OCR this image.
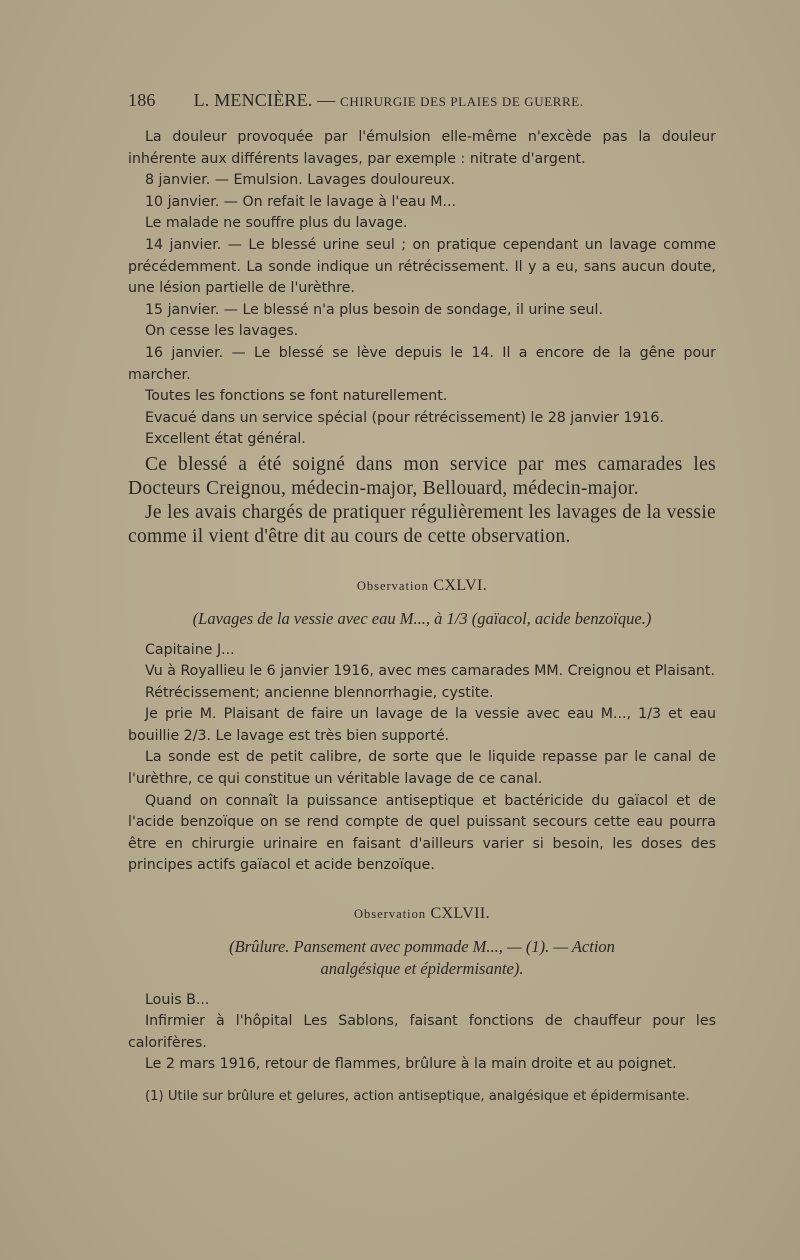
186 L. MENCIÈRE. — CHIRURGIE DES PLAIES DE GUERRE.

La douleur provoquée par l'émulsion elle-même n'excède pas la douleur inhérente aux différents lavages, par exemple : nitrate d'argent.

8 janvier. — Emulsion. Lavages douloureux.

10 janvier. — On refait le lavage à l'eau M...

Le malade ne souffre plus du lavage.

14 janvier. — Le blessé urine seul ; on pratique cependant un lavage comme précédemment. La sonde indique un rétrécissement. Il y a eu, sans aucun doute, une lésion partielle de l'urèthre.

15 janvier. — Le blessé n'a plus besoin de sondage, il urine seul.

On cesse les lavages.

16 janvier. — Le blessé se lève depuis le 14. Il a encore de la gêne pour marcher.

Toutes les fonctions se font naturellement.

Evacué dans un service spécial (pour rétrécissement) le 28 janvier 1916.

Excellent état général.

Ce blessé a été soigné dans mon service par mes camarades les Docteurs Creignou, médecin-major, Bellouard, médecin-major.

Je les avais chargés de pratiquer régulièrement les lavages de la vessie comme il vient d'être dit au cours de cette observation.

Observation CXLVI.

(Lavages de la vessie avec eau M..., à 1/3 (gaïacol, acide benzoïque.)

Capitaine J...

Vu à Royallieu le 6 janvier 1916, avec mes camarades MM. Creignou et Plaisant.

Rétrécissement; ancienne blennorrhagie, cystite.

Je prie M. Plaisant de faire un lavage de la vessie avec eau M..., 1/3 et eau bouillie 2/3. Le lavage est très bien supporté.

La sonde est de petit calibre, de sorte que le liquide repasse par le canal de l'urèthre, ce qui constitue un véritable lavage de ce canal.

Quand on connaît la puissance antiseptique et bactéricide du gaïacol et de l'acide benzoïque on se rend compte de quel puissant secours cette eau pourra être en chirurgie urinaire en faisant d'ailleurs varier si besoin, les doses des principes actifs gaïacol et acide benzoïque.

Observation CXLVII.

(Brûlure. Pansement avec pommade M..., — (1). — Action

analgésique et épidermisante).

Louis B...

Infirmier à l'hôpital Les Sablons, faisant fonctions de chauffeur pour les calorifères.

Le 2 mars 1916, retour de flammes, brûlure à la main droite et au poignet.

(1) Utile sur brûlure et gelures, action antiseptique, analgésique et épidermisante.
